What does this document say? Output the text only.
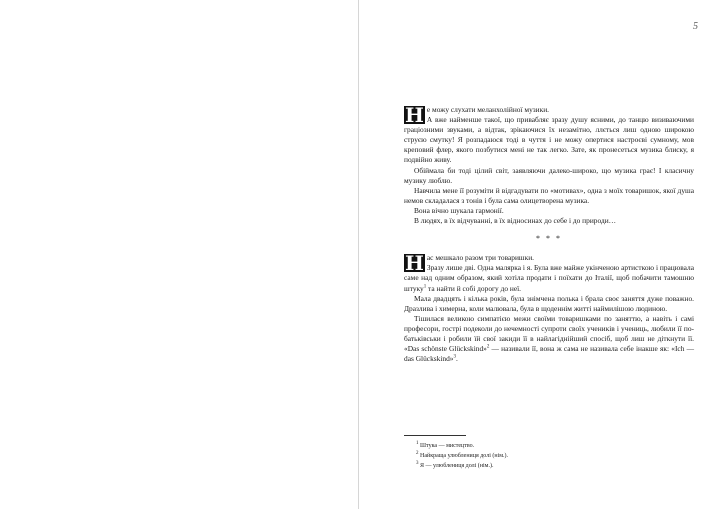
5

Н е можу слухати меланхолійної музики.
А вже найменше такої, що привабляє зразу душу ясними, до танцю визиваючими граціозними звуками, а відтак, зрікаючися їх незамітно, ллється лиш одною широкою струєю смутку! Я розпадаюся тоді в чуття і не можу опертися настроєві сумному, мов креповий флер, якого позбутися мені не так легко. Зате, як пронесеться музика блиску, я подвійно живу.

Обіймала би тоді цілий світ, заявляючи далеко-широко, що музика грає! І класичну музику люблю.

Навчила мене її розуміти й відгадувати по «мотивах», одна з моїх товаришок, якої душа немов складалася з тонів і була сама олицетворена музика.

Вона вічно шукала гармонії.

В людях, в їх відчуванні, в їх відносинах до себе і до природи…

* * *

Н ас мешкало разом три товаришки.
Зразу лише дві. Одна малярка і я. Була вже майже укінченою артисткою і працювала саме над одним образом, який хотіла продати і поїхати до Італії, щоб побачити тамошню штуку$^1$ та найти й собі дорогу до неї.

Мала двадцять і кілька років, була знімчена полька і брала своє заняття дуже поважно. Дразлива і химерна, коли малювала, була в щоденнім житті наймилішою людиною.

Тішилася великою симпатією межи своїми товаришками по заняттю, а навіть і самі професори, гострі подеколи до нечемності супроти своїх учеників і учениць, любили її по-батьківськи і робили їй свої закиди її в найлагіднійший спосіб, щоб лиш не діткнути її. «Das schönste Glückskind»$^2$ — називали її, вона ж сама не називала себе інакше як: «Ich — das Glückskind»$^3$.

$^1$ Штука — мистецтво.
$^2$ Найкраща улюблениця долі (нім.).
$^3$ Я — улюблениця долі (нім.).
